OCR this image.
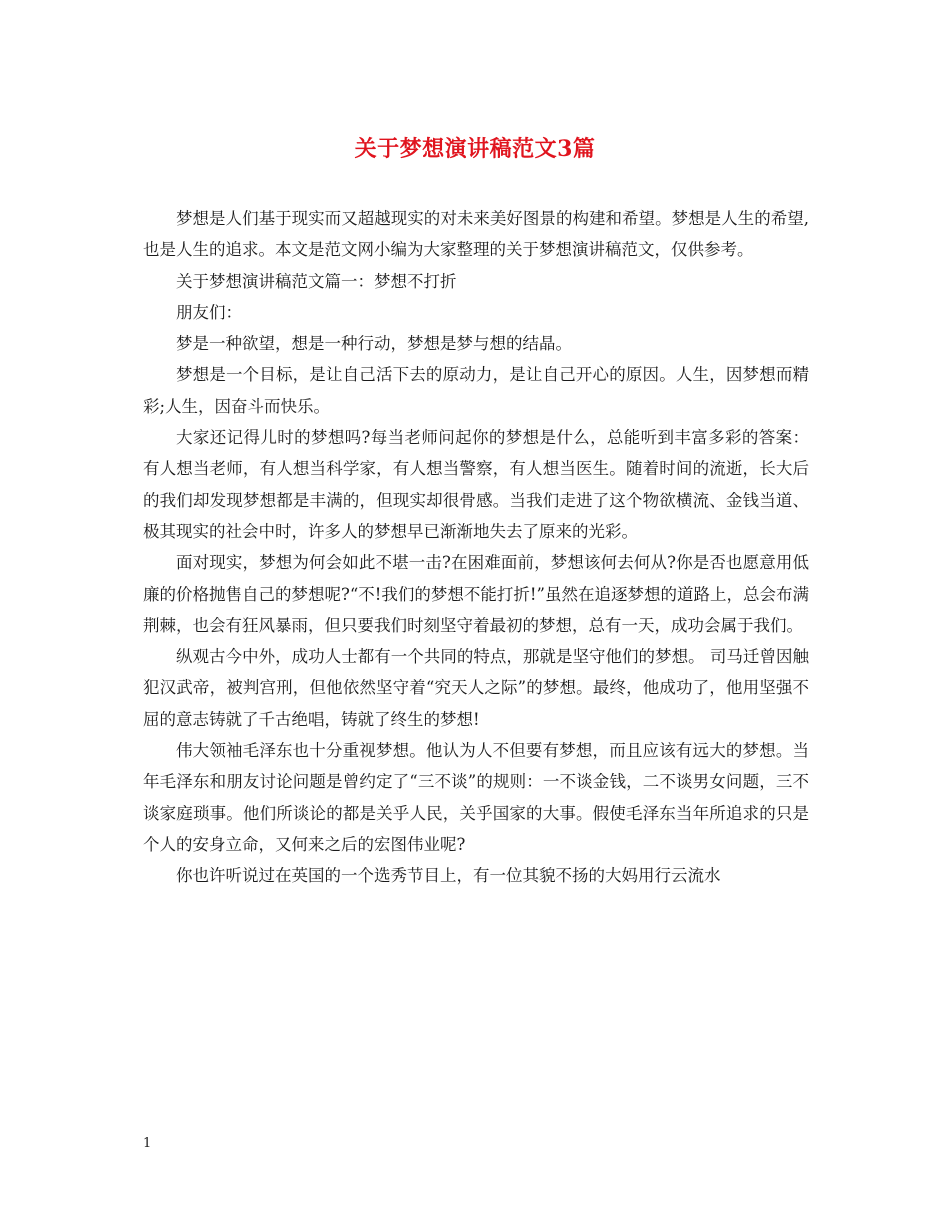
关于梦想演讲稿范文3篇

梦想是人们基于现实而又超越现实的对未来美好图景的构建和希望。梦想是人生的希望,也是人生的追求。本文是范文网小编为大家整理的关于梦想演讲稿范文，仅供参考。

关于梦想演讲稿范文篇一：梦想不打折

朋友们：

梦是一种欲望，想是一种行动，梦想是梦与想的结晶。

梦想是一个目标，是让自己活下去的原动力，是让自己开心的原因。人生，因梦想而精彩;人生，因奋斗而快乐。

大家还记得儿时的梦想吗?每当老师问起你的梦想是什么，总能听到丰富多彩的答案：有人想当老师，有人想当科学家，有人想当警察，有人想当医生。随着时间的流逝，长大后的我们却发现梦想都是丰满的，但现实却很骨感。当我们走进了这个物欲横流、金钱当道、极其现实的社会中时，许多人的梦想早已渐渐地失去了原来的光彩。

面对现实，梦想为何会如此不堪一击?在困难面前，梦想该何去何从?你是否也愿意用低廉的价格抛售自己的梦想呢?“不!我们的梦想不能打折!”虽然在追逐梦想的道路上，总会布满荆棘，也会有狂风暴雨，但只要我们时刻坚守着最初的梦想，总有一天，成功会属于我们。

纵观古今中外，成功人士都有一个共同的特点，那就是坚守他们的梦想。 司马迁曾因触犯汉武帝，被判宫刑，但他依然坚守着“究天人之际”的梦想。最终，他成功了，他用坚强不屈的意志铸就了千古绝唱，铸就了终生的梦想!

伟大领袖毛泽东也十分重视梦想。他认为人不但要有梦想，而且应该有远大的梦想。当年毛泽东和朋友讨论问题是曾约定了“三不谈”的规则：一不谈金钱，二不谈男女问题，三不谈家庭琐事。他们所谈论的都是关乎人民，关乎国家的大事。假使毛泽东当年所追求的只是个人的安身立命，又何来之后的宏图伟业呢?

你也许听说过在英国的一个选秀节目上，有一位其貌不扬的大妈用行云流水

1
